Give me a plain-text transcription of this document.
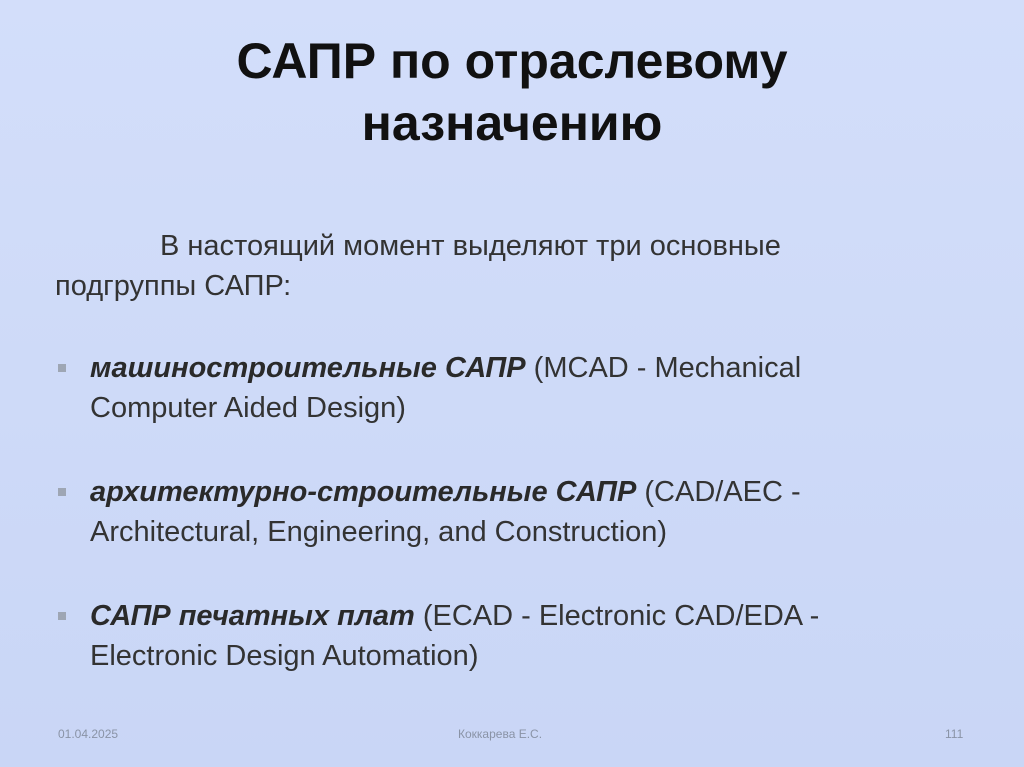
САПР по отраслевому
назначению
В настоящий момент выделяют три основные
подгруппы САПР:
машиностроительные САПР (MCAD - Mechanical
Computer Aided Design)
архитектурно-строительные САПР (CAD/AEC -
Architectural, Engineering, and Construction)
САПР печатных плат (ECAD - Electronic CAD/EDA -
Electronic Design Automation)
01.04.2025	Коккарева Е.С.	111
